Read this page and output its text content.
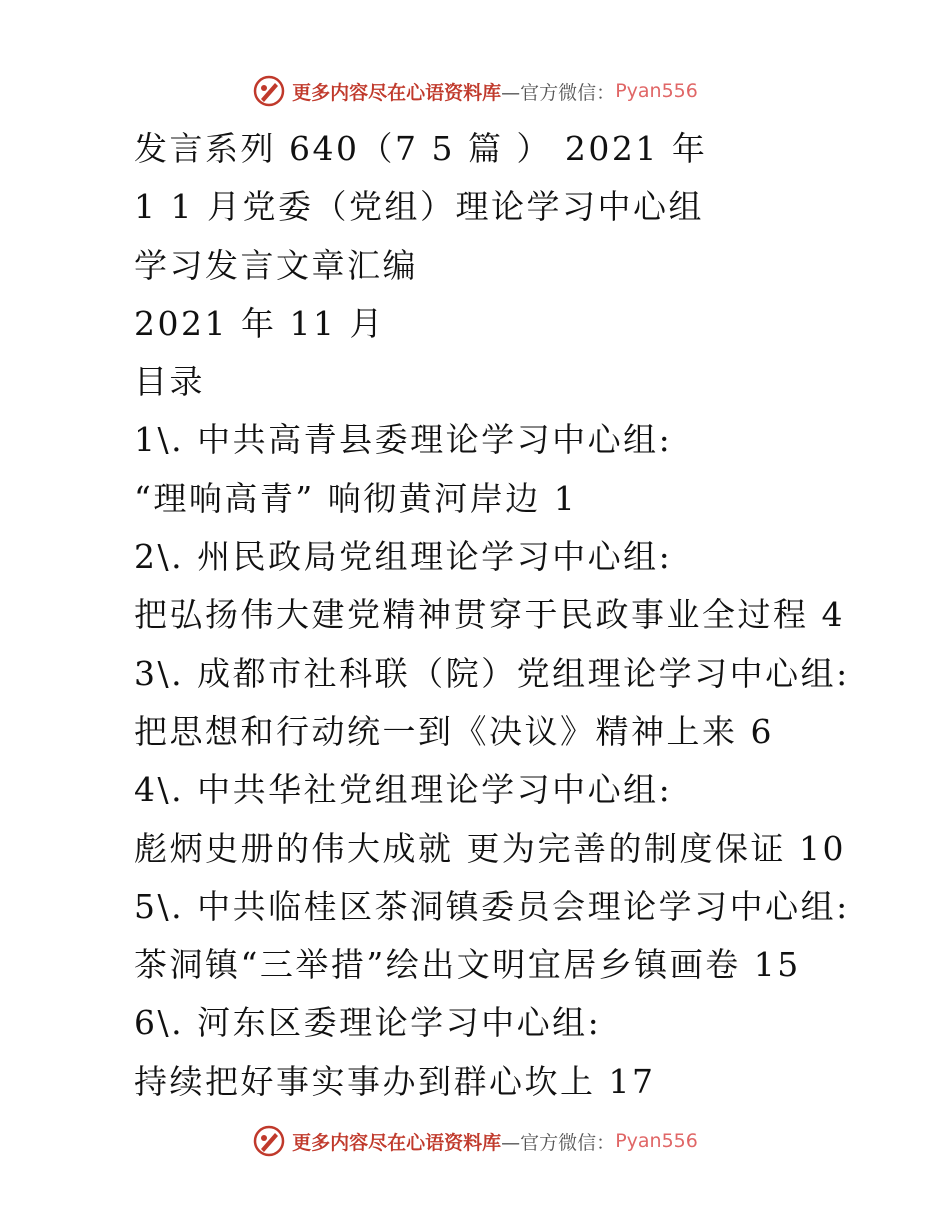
更多内容尽在心语资料库 —官方微信： Pyan556
发言系列 640（7 5 篇 ） 2021 年
1 1 月党委（党组）理论学习中心组
学习发言文章汇编
2021 年 11 月
目录
1\. 中共高青县委理论学习中心组:
“理响高青” 响彻黄河岸边 1
2\. 州民政局党组理论学习中心组:
把弘扬伟大建党精神贯穿于民政事业全过程 4
3\. 成都市社科联（院）党组理论学习中心组:
把思想和行动统一到《决议》精神上来 6
4\. 中共华社党组理论学习中心组:
彪炳史册的伟大成就 更为完善的制度保证 10
5\. 中共临桂区茶洞镇委员会理论学习中心组:
茶洞镇“三举措”绘出文明宜居乡镇画卷 15
6\. 河东区委理论学习中心组:
持续把好事实事办到群心坎上 17
更多内容尽在心语资料库 —官方微信： Pyan556
